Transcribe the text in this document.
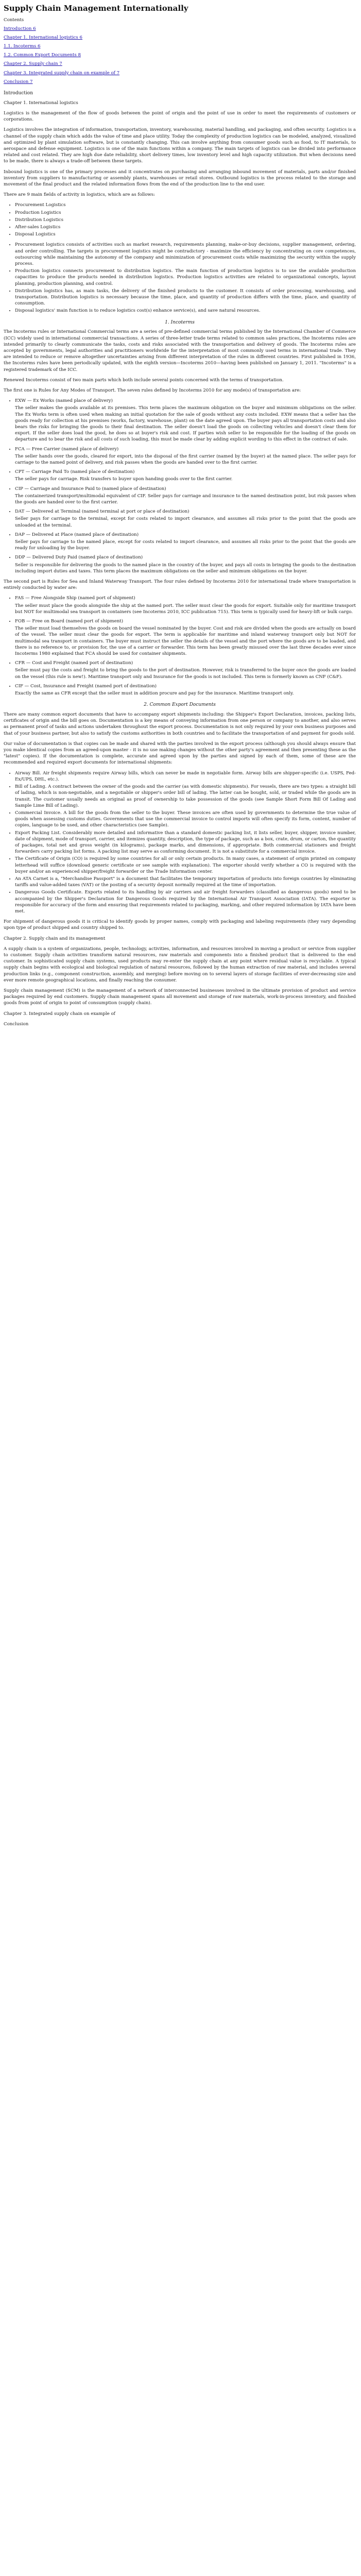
Supply Chain Management Internationally
Contents
Introduction 6
Chapter 1. International logistics 6
1.1. Incoterms 6
1.2. Common Export Documents 8
Chapter 2. Supply chain 7
Chapter 3. Integrated supply chain on example of 7
Conclusion 7
Introduction

Chapter 1. International logistics

Logistics is the management of the flow of goods between the point of origin and the point of use in order to meet the requirements of customers or corporations.

Logistics involves the integration of information, transportation, inventory, warehousing, material handling, and packaging, and often security. Logistics is a channel of the supply chain which adds the value of time and place utility. Today the complexity of production logistics can be modeled, analyzed, visualized and optimized by plant simulation software, but is constantly changing. This can involve anything from consumer goods such as food, to IT materials, to aerospace and defense equipment. Logistics is one of the main functions within a company. The main targets of logistics can be divided into performance related and cost related. They are high due date reliability, short delivery times, low inventory level and high capacity utilization. But when decisions need to be made, there is always a trade-off between these targets.

Inbound logistics is one of the primary processes and it concentrates on purchasing and arranging inbound movement of materials, parts and/or finished inventory from suppliers to manufacturing or assembly plants, warehouses or retail stores. Outbound logistics is the process related to the storage and movement of the final product and the related information flows from the end of the production line to the end user.

There are 9 main fields of activity in logistics, which are as follows:

• Procurement Logistics
• Production Logistics
• Distribution Logistics
• After-sales Logistics
• Disposal Logistics
• Procurement logistics consists of activities such as market research, requirements planning, make-or-buy decisions, supplier management, ordering, and order controlling. The targets in procurement logistics might be contradictory - maximize the efficiency by concentrating on core competences, outsourcing while maintaining the autonomy of the company and minimization of procurement costs while maximizing the security within the supply process.
• Production logistics connects procurement to distribution logistics. The main function of production logistics is to use the available production capacities to produce the products needed in distribution logistics. Production logistics activities are related to organizational concepts, layout planning, production planning, and control.
• Distribution logistics has, as main tasks, the delivery of the finished products to the customer. It consists of order processing, warehousing, and transportation. Distribution logistics is necessary because the time, place, and quantity of production differs with the time, place, and quantity of consumption.
• Disposal logistics' main function is to reduce logistics cost(s) enhance service(s), and save natural resources.
1. Incoterms

The Incoterms rules or International Commercial terms are a series of pre-defined commercial terms published by the International Chamber of Commerce (ICC) widely used in international commercial transactions. A series of three-letter trade terms related to common sales practices, the Incoterms rules are intended primarily to clearly communicate the tasks, costs and risks associated with the transportation and delivery of goods. The Incoterms rules are accepted by governments, legal authorities and practitioners worldwide for the interpretation of most commonly used terms in international trade. They are intended to reduce or remove altogether uncertainties arising from different interpretation of the rules in different countries. First published in 1936, the Incoterms rules have been periodically updated, with the eighth version—Incoterms 2010—having been published on January 1, 2011. "Incoterms" is a registered trademark of the ICC.

Renewed Incoterms consist of two main parts which both include several points concerned with the terms of transportation.

The first one is Rules for Any Modes of Transport. The seven rules defined by Incoterms 2010 for any mode(s) of transportation are:

• EXW — Ex Works (named place of delivery)
The seller makes the goods available at its premises. This term places the maximum obligation on the buyer and minimum obligations on the seller. The Ex Works term is often used when making an initial quotation for the sale of goods without any costs included. EXW means that a seller has the goods ready for collection at his premises (works, factory, warehouse, plant) on the date agreed upon. The buyer pays all transportation costs and also bears the risks for bringing the goods to their final destination. The seller doesn't load the goods on collecting vehicles and doesn't clear them for export. If the seller does load the good, he does so at buyer's risk and cost. If parties wish seller to be responsible for the loading of the goods on departure and to bear the risk and all costs of such loading, this must be made clear by adding explicit wording to this effect in the contract of sale.
• FCA — Free Carrier (named place of delivery)
The seller hands over the goods, cleared for export, into the disposal of the first carrier (named by the buyer) at the named place. The seller pays for carriage to the named point of delivery, and risk passes when the goods are handed over to the first carrier.
• CPT — Carriage Paid To (named place of destination)
The seller pays for carriage. Risk transfers to buyer upon handing goods over to the first carrier.
• CIP — Carriage and Insurance Paid to (named place of destination)
The containerized transport/multimodal equivalent of CIF. Seller pays for carriage and insurance to the named destination point, but risk passes when the goods are handed over to the first carrier.
• DAT — Delivered at Terminal (named terminal at port or place of destination)
Seller pays for carriage to the terminal, except for costs related to import clearance, and assumes all risks prior to the point that the goods are unloaded at the terminal.
• DAP — Delivered at Place (named place of destination)
Seller pays for carriage to the named place, except for costs related to import clearance, and assumes all risks prior to the point that the goods are ready for unloading by the buyer.
• DDP — Delivered Duty Paid (named place of destination)
Seller is responsible for delivering the goods to the named place in the country of the buyer, and pays all costs in bringing the goods to the destination including import duties and taxes. This term places the maximum obligations on the seller and minimum obligations on the buyer.

The second part is Rules for Sea and Inland Waterway Transport. The four rules defined by Incoterms 2010 for international trade where transportation is entirely conducted by water are:

• FAS — Free Alongside Ship (named port of shipment)
The seller must place the goods alongside the ship at the named port. The seller must clear the goods for export. Suitable only for maritime transport but NOT for multimodal sea transport in containers (see Incoterms 2010, ICC publication 715). This term is typically used for heavy-lift or bulk cargo.
• FOB — Free on Board (named port of shipment)
The seller must load themselves the goods on board the vessel nominated by the buyer. Cost and risk are divided when the goods are actually on board of the vessel. The seller must clear the goods for export. The term is applicable for maritime and inland waterway transport only but NOT for multimodal sea transport in containers. The buyer must instruct the seller the details of the vessel and the port where the goods are to be loaded, and there is no reference to, or provision for, the use of a carrier or forwarder. This term has been greatly misused over the last three decades ever since Incoterms 1980 explained that FCA should be used for container shipments.
• CFR — Cost and Freight (named port of destination)
Seller must pay the costs and freight to bring the goods to the port of destination. However, risk is transferred to the buyer once the goods are loaded on the vessel (this rule is new!). Maritime transport only and Insurance for the goods is not included. This term is formerly known as CNF (C&F).
• CIF — Cost, Insurance and Freight (named port of destination)
Exactly the same as CFR except that the seller must in addition procure and pay for the insurance. Maritime transport only.
2. Common Export Documents

There are many common export documents that have to accompany export shipments including: the Shipper's Export Declaration, invoices, packing lists, certificates of origin and the bill goes on. Documentation is a key means of conveying information from one person or company to another, and also serves as permanent proof of tasks and actions undertaken throughout the export process. Documentation is not only required by your own business purposes and that of your business partner, but also to satisfy the customs authorities in both countries and to facilitate the transportation of and payment for goods sold.

Our value of documentation is that copies can be made and shared with the parties involved in the export process (although you should always ensure that you make identical copies from an agreed-upon master - it is no use making changes without the other party's agreement and then presenting these as the "latest" copies). If the documentation is complete, accurate and agreed upon by the parties and signed by each of them, some of these are the recommended and required export documents for international shipments:

• Airway Bill. Air freight shipments require Airway bills, which can never be made in negotiable form. Airway bills are shipper-specific (i.e. USPS, Fed-Ex/UPS, DHL, etc.).
• Bill of Lading. A contract between the owner of the goods and the carrier (as with domestic shipments). For vessels, there are two types: a straight bill of lading, which is non-negotiable, and a negotiable or shipper's order bill of lading. The latter can be bought, sold, or traded while the goods are in transit. The customer usually needs an original as proof of ownership to take possession of the goods (see Sample Short Form Bill Of Lading and Sample Lime Bill of Lading).
• Commercial Invoice. A bill for the goods from the seller to the buyer. These invoices are often used by governments to determine the true value of goods when assessing customs duties. Governments that use the commercial invoice to control imports will often specify its form, content, number of copies, language to be used, and other characteristics (see Sample).
• Export Packing List. Considerably more detailed and informative than a standard domestic packing list, it lists seller, buyer, shipper, invoice number, date of shipment, mode of transport, carrier, and itemizes quantity, description, the type of package, such as a box, crate, drum, or carton, the quantity of packages, total net and gross weight (in kilograms), package marks, and dimensions, if appropriate. Both commercial stationers and freight forwarders carry packing list forms. A packing list may serve as conforming document. It is not a substitute for a commercial invoice.
• The Certificate of Origin (CO) is required by some countries for all or only certain products. In many cases, a statement of origin printed on company letterhead will suffice (download generic certificate or see sample with explanation). The exporter should verify whether a CO is required with the buyer and/or an experienced shipper/freight forwarder or the Trade Information center.
• An ATA Carnet is a, "Merchandise Passport" is a document that facilitates the temporary importation of products into foreign countries by eliminating tariffs and value-added taxes (VAT) or the posting of a security deposit normally required at the time of importation.
• Dangerous Goods Certificate. Exports related to its handling by air carriers and air freight forwarders (classified as dangerous goods) need to be accompanied by the Shipper's Declaration for Dangerous Goods required by the International Air Transport Association (IATA). The exporter is responsible for accuracy of the form and ensuring that requirements related to packaging, marking, and other required information by IATA have been met.

For shipment of dangerous goods it is critical to identify goods by proper names, comply with packaging and labeling requirements (they vary depending upon type of product shipped and country shipped to.

Chapter 2. Supply chain and its management

A supply chain is a system of organizations, people, technology, activities, information, and resources involved in moving a product or service from supplier to customer. Supply chain activities transform natural resources, raw materials and components into a finished product that is delivered to the end customer. In sophisticated supply chain systems, used products may re-enter the supply chain at any point where residual value is recyclable. A typical supply chain begins with ecological and biological regulation of natural resources, followed by the human extraction of raw material, and includes several production links (e.g., component construction, assembly, and merging) before moving on to several layers of storage facilities of ever-decreasing size and ever more remote geographical locations, and finally reaching the consumer.

Supply chain management (SCM) is the management of a network of interconnected businesses involved in the ultimate provision of product and service packages required by end customers. Supply chain management spans all movement and storage of raw materials, work-in-process inventory, and finished goods from point of origin to point of consumption (supply chain).

Chapter 3. Integrated supply chain on example of

Conclusion
